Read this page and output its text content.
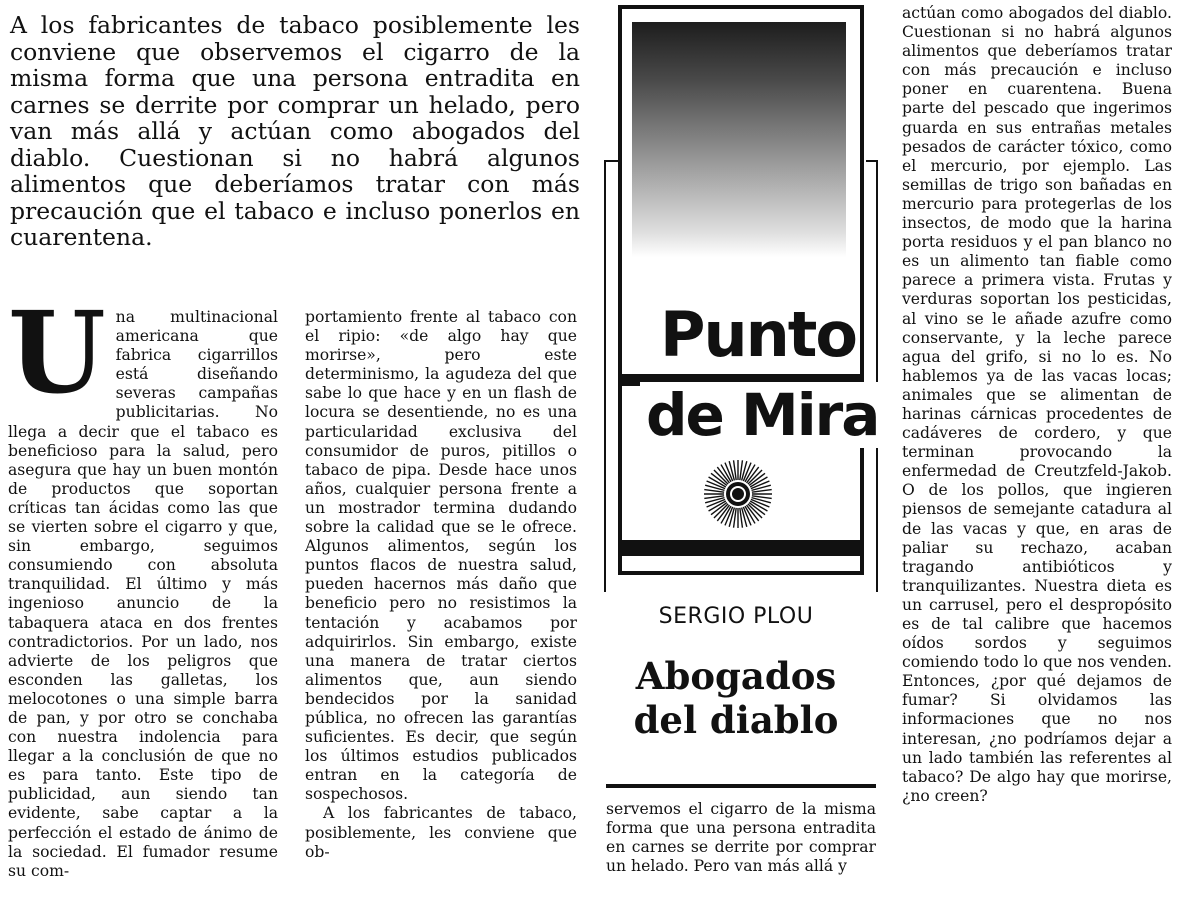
A los fabricantes de tabaco posiblemente les conviene que observemos el cigarro de la misma forma que una persona entradita en carnes se derrite por comprar un helado, pero van más allá y actúan como abogados del diablo. Cuestionan si no habrá algunos alimentos que deberíamos tratar con más precaución que el tabaco e incluso ponerlos en cuarentena.
U na multinacional americana que fabrica cigarrillos está diseñando severas campañas publicitarias. No llega a decir que el tabaco es beneficioso para la salud, pero asegura que hay un buen montón de productos que soportan críticas tan ácidas como las que se vierten sobre el cigarro y que, sin embargo, seguimos consumiendo con absoluta tranquilidad. El último y más ingenioso anuncio de la tabaquera ataca en dos frentes contradictorios. Por un lado, nos advierte de los peligros que esconden las galletas, los melocotones o una simple barra de pan, y por otro se conchaba con nuestra indolencia para llegar a la conclusión de que no es para tanto. Este tipo de publicidad, aun siendo tan evidente, sabe captar a la perfección el estado de ánimo de la sociedad. El fumador resume su com-

portamiento frente al tabaco con el ripio: «de algo hay que morirse», pero este determinismo, la agudeza del que sabe lo que hace y en un flash de locura se desentiende, no es una particularidad exclusiva del consumidor de puros, pitillos o tabaco de pipa. Desde hace unos años, cualquier persona frente a un mostrador termina dudando sobre la calidad que se le ofrece. Algunos alimentos, según los puntos flacos de nuestra salud, pueden hacernos más daño que beneficio pero no resistimos la tentación y acabamos por adquirirlos. Sin embargo, existe una manera de tratar ciertos alimentos que, aun siendo bendecidos por la sanidad pública, no ofrecen las garantías suficientes. Es decir, que según los últimos estudios publicados entran en la categoría de sospechosos.

A los fabricantes de tabaco, posiblemente, les conviene que ob-

Punto
de Mira
SERGIO PLOU
Abogados
del diablo
servemos el cigarro de la misma forma que una persona entradita en carnes se derrite por comprar un helado. Pero van más allá y
actúan como abogados del diablo. Cuestionan si no habrá algunos alimentos que deberíamos tratar con más precaución e incluso poner en cuarentena. Buena parte del pescado que ingerimos guarda en sus entrañas metales pesados de carácter tóxico, como el mercurio, por ejemplo. Las semillas de trigo son bañadas en mercurio para protegerlas de los insectos, de modo que la harina porta residuos y el pan blanco no es un alimento tan fiable como parece a primera vista. Frutas y verduras soportan los pesticidas, al vino se le añade azufre como conservante, y la leche parece agua del grifo, si no lo es. No hablemos ya de las vacas locas; animales que se alimentan de harinas cárnicas procedentes de cadáveres de cordero, y que terminan provocando la enfermedad de Creutzfeld-Jakob. O de los pollos, que ingieren piensos de semejante catadura al de las vacas y que, en aras de paliar su rechazo, acaban tragando antibióticos y tranquilizantes. Nuestra dieta es un carrusel, pero el despropósito es de tal calibre que hacemos oídos sordos y seguimos comiendo todo lo que nos venden. Entonces, ¿por qué dejamos de fumar? Si olvidamos las informaciones que no nos interesan, ¿no podríamos dejar a un lado también las referentes al tabaco? De algo hay que morirse, ¿no creen?
